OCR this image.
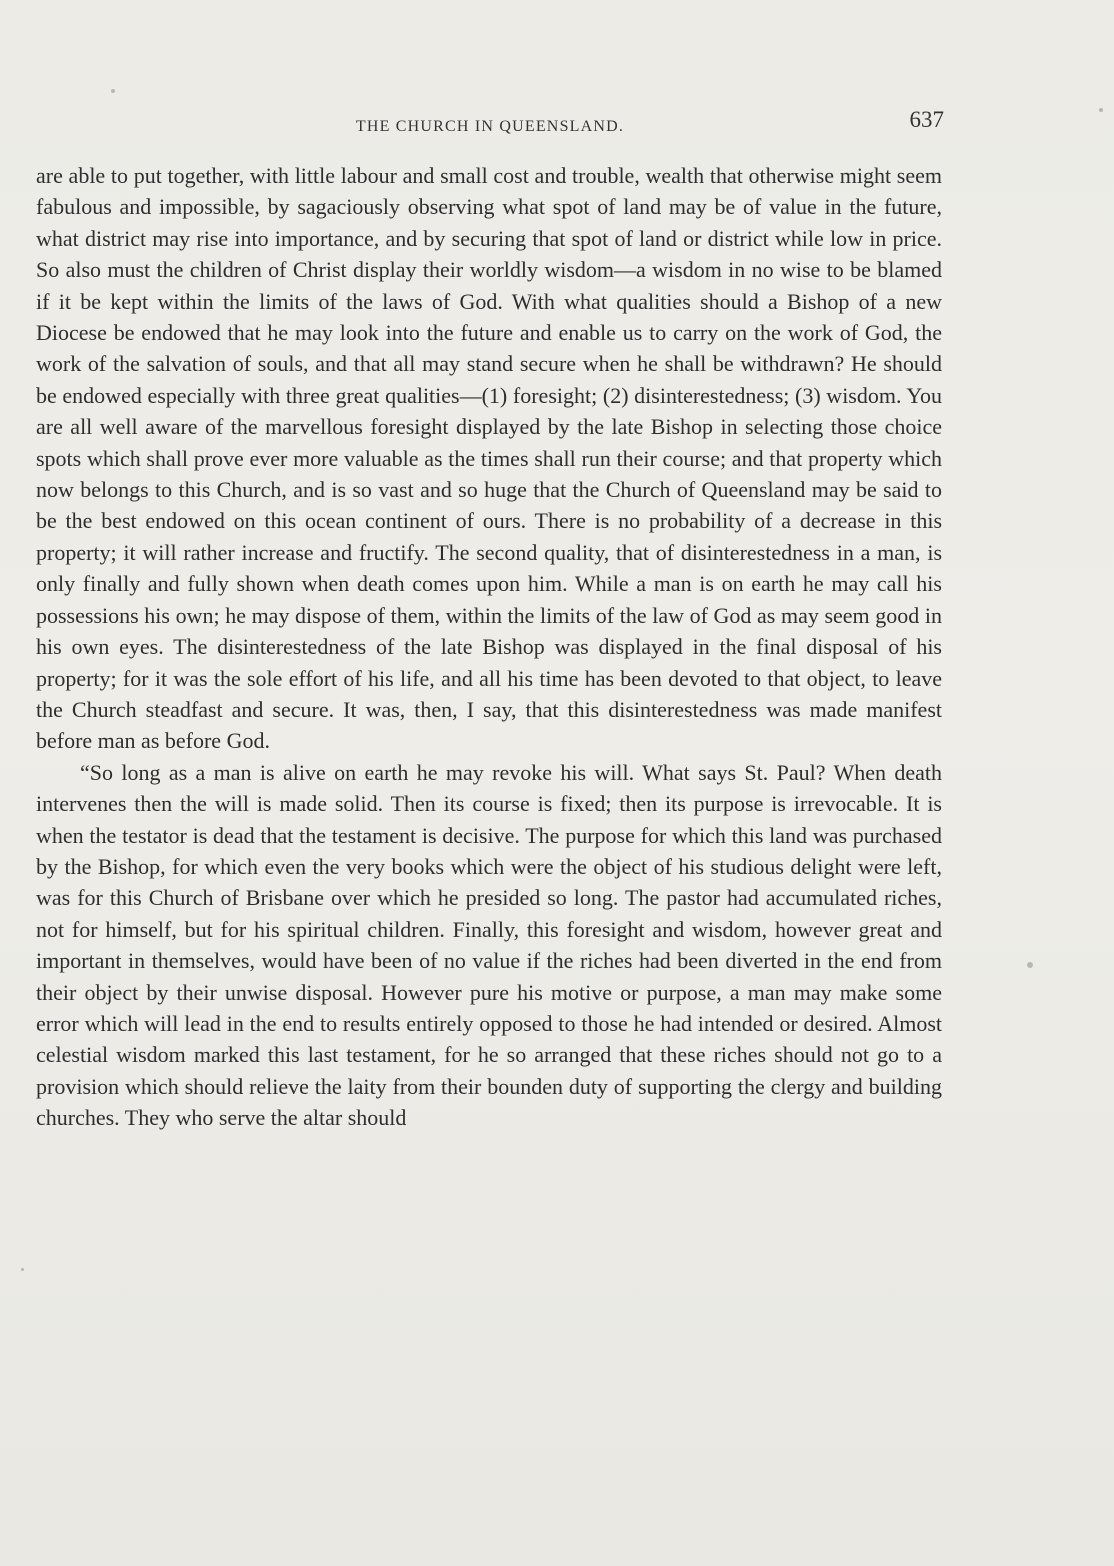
THE CHURCH IN QUEENSLAND.	637

are able to put together, with little labour and small cost and trouble, wealth that otherwise might seem fabulous and impossible, by sagaciously observing what spot of land may be of value in the future, what district may rise into importance, and by securing that spot of land or district while low in price. So also must the children of Christ display their worldly wisdom—a wisdom in no wise to be blamed if it be kept within the limits of the laws of God. With what qualities should a Bishop of a new Diocese be endowed that he may look into the future and enable us to carry on the work of God, the work of the salvation of souls, and that all may stand secure when he shall be withdrawn? He should be endowed especially with three great qualities—(1) foresight; (2) disinterestedness; (3) wisdom. You are all well aware of the marvellous foresight displayed by the late Bishop in selecting those choice spots which shall prove ever more valuable as the times shall run their course; and that property which now belongs to this Church, and is so vast and so huge that the Church of Queensland may be said to be the best endowed on this ocean continent of ours. There is no probability of a decrease in this property; it will rather increase and fructify. The second quality, that of disinterestedness in a man, is only finally and fully shown when death comes upon him. While a man is on earth he may call his possessions his own; he may dispose of them, within the limits of the law of God as may seem good in his own eyes. The disinterestedness of the late Bishop was displayed in the final disposal of his property; for it was the sole effort of his life, and all his time has been devoted to that object, to leave the Church steadfast and secure. It was, then, I say, that this disinterestedness was made manifest before man as before God.

“So long as a man is alive on earth he may revoke his will. What says St. Paul? When death intervenes then the will is made solid. Then its course is fixed; then its purpose is irrevocable. It is when the testator is dead that the testament is decisive. The purpose for which this land was purchased by the Bishop, for which even the very books which were the object of his studious delight were left, was for this Church of Brisbane over which he presided so long. The pastor had accumulated riches, not for himself, but for his spiritual children. Finally, this foresight and wisdom, however great and important in themselves, would have been of no value if the riches had been diverted in the end from their object by their unwise disposal. However pure his motive or purpose, a man may make some error which will lead in the end to results entirely opposed to those he had intended or desired. Almost celestial wisdom marked this last testament, for he so arranged that these riches should not go to a provision which should relieve the laity from their bounden duty of supporting the clergy and building churches. They who serve the altar should
